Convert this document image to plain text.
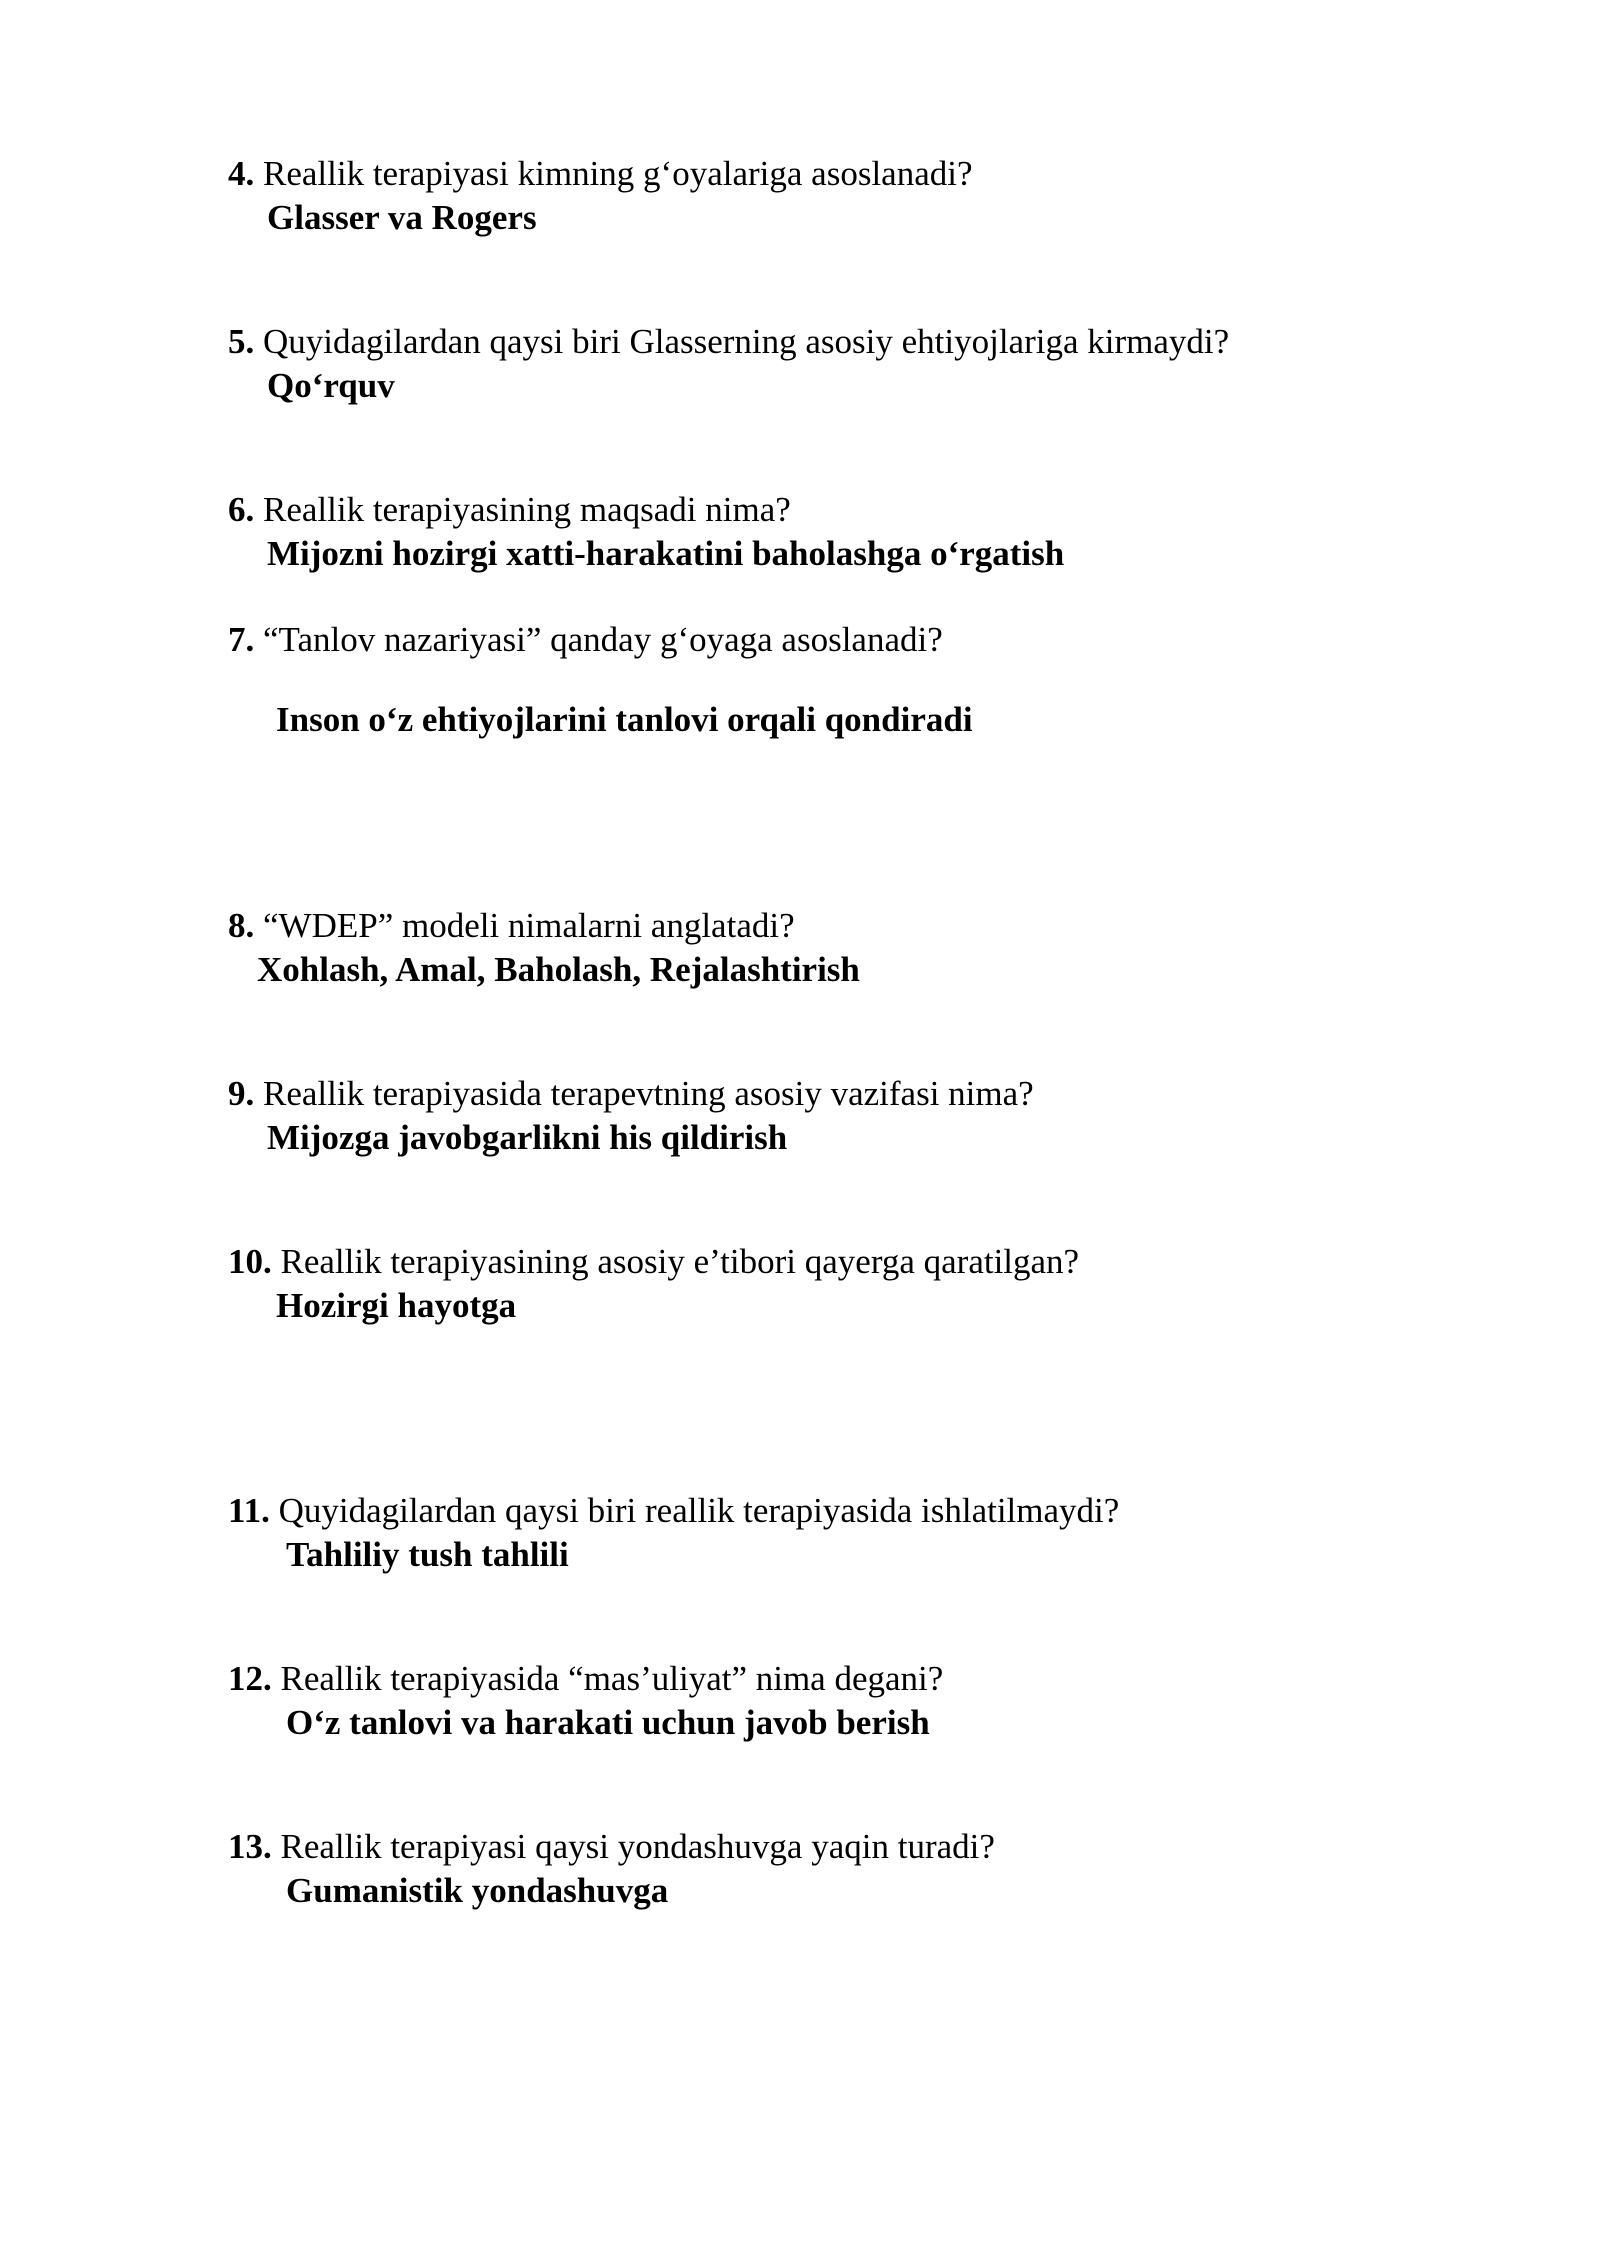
4. Reallik terapiyasi kimning g‘oyalariga asoslanadi?
Glasser va Rogers
5. Quyidagilardan qaysi biri Glasserning asosiy ehtiyojlariga kirmaydi?
Qo‘rquv
6. Reallik terapiyasining maqsadi nima?
Mijozni hozirgi xatti-harakatini baholashga o‘rgatish
7. “Tanlov nazariyasi” qanday g‘oyaga asoslanadi?
Inson o‘z ehtiyojlarini tanlovi orqali qondiradi
8. “WDEP” modeli nimalarni anglatadi?
Xohlash, Amal, Baholash, Rejalashtirish
9. Reallik terapiyasida terapevtning asosiy vazifasi nima?
Mijozga javobgarlikni his qildirish
10. Reallik terapiyasining asosiy e’tibori qayerga qaratilgan?
Hozirgi hayotga
11. Quyidagilardan qaysi biri reallik terapiyasida ishlatilmaydi?
Tahliliy tush tahlili
12. Reallik terapiyasida “mas’uliyat” nima degani?
O‘z tanlovi va harakati uchun javob berish
13. Reallik terapiyasi qaysi yondashuvga yaqin turadi?
Gumanistik yondashuvga
